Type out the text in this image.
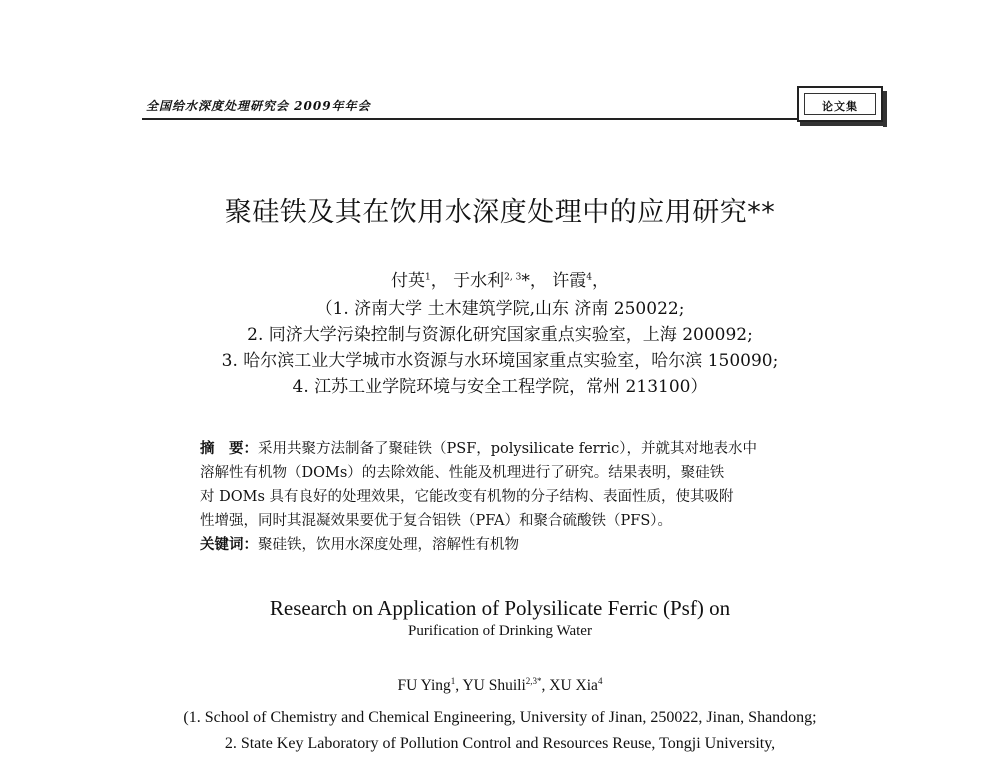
全国给水深度处理研究会 2009年年会	论文集
聚硅铁及其在饮用水深度处理中的应用研究**
付英$^1$， 于水利$^{2, 3}$*， 许霞$^4$，
（1. 济南大学 土木建筑学院,山东 济南 250022;
2. 同济大学污染控制与资源化研究国家重点实验室，上海 200092;
3. 哈尔滨工业大学城市水资源与水环境国家重点实验室，哈尔滨 150090;
4. 江苏工业学院环境与安全工程学院，常州 213100）
摘　要：采用共聚方法制备了聚硅铁（PSF，polysilicate ferric），并就其对地表水中
溶解性有机物（DOMs）的去除效能、性能及机理进行了研究。结果表明，聚硅铁
对 DOMs 具有良好的处理效果，它能改变有机物的分子结构、表面性质，使其吸附
性增强，同时其混凝效果要优于复合铝铁（PFA）和聚合硫酸铁（PFS）。
关键词：聚硅铁，饮用水深度处理，溶解性有机物
Research on Application of Polysilicate Ferric (Psf) on
Purification of Drinking Water
FU Ying$^1$, YU Shuili$^{2,3*}$, XU Xia$^4$
(1. School of Chemistry and Chemical Engineering, University of Jinan, 250022, Jinan, Shandong;
2. State Key Laboratory of Pollution Control and Resources Reuse, Tongji University,
